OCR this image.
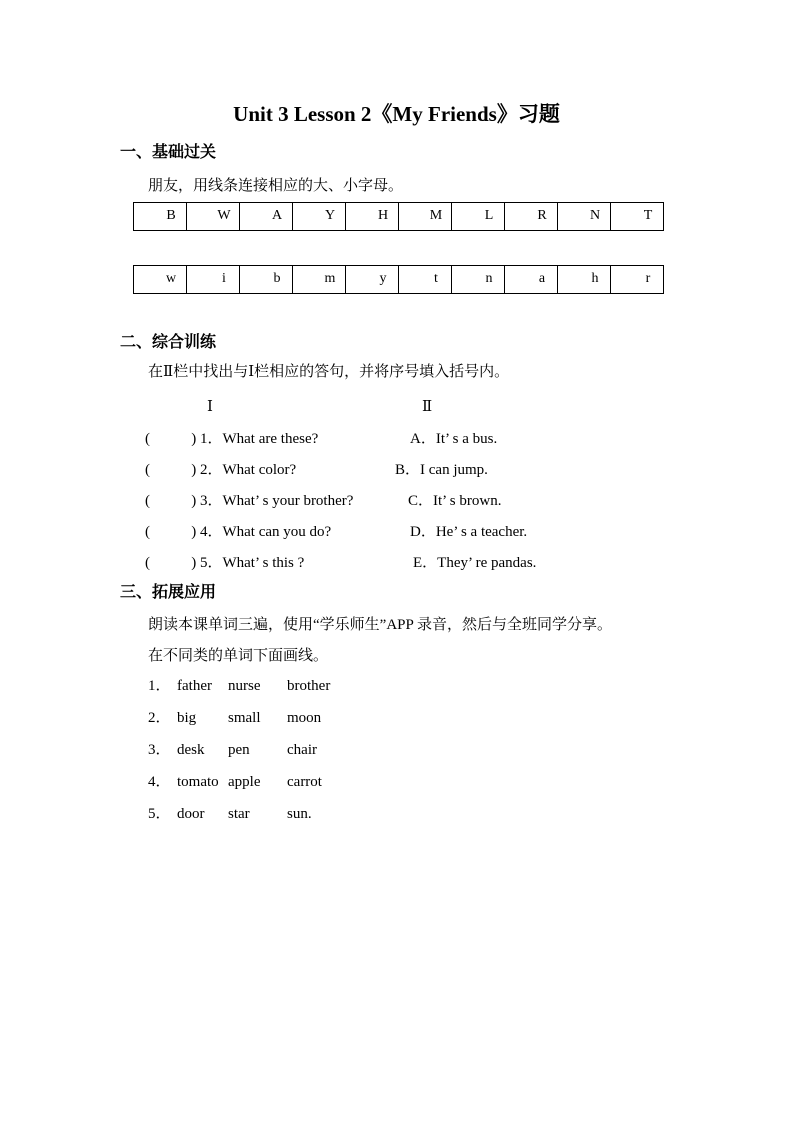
Unit 3 Lesson 2《My Friends》习题
一、基础过关
朋友，用线条连接相应的大、小字母。
B	W	A	Y	H	M	L	R	N	T
w	i	b	m	y	t	n	a	h	r
二、综合训练
在Ⅱ栏中找出与Ⅰ栏相应的答句，并将序号填入括号内。
Ⅰ	Ⅱ
(           ) 1．What are these?	A．It’ s a bus.
(           ) 2．What color?	B．I can jump.
(           ) 3．What’ s your brother?	C．It’ s brown.
(           ) 4．What can you do?	D．He’ s a teacher.
(           ) 5．What’ s this ?	E．They’ re pandas.
三、拓展应用
朗读本课单词三遍，使用“学乐师生”APP 录音，然后与全班同学分享。
在不同类的单词下面画线。
1． father	nurse	brother
2． big	small	moon
3． desk	pen	chair
4． tomato apple	carrot
5． door	star	sun.
